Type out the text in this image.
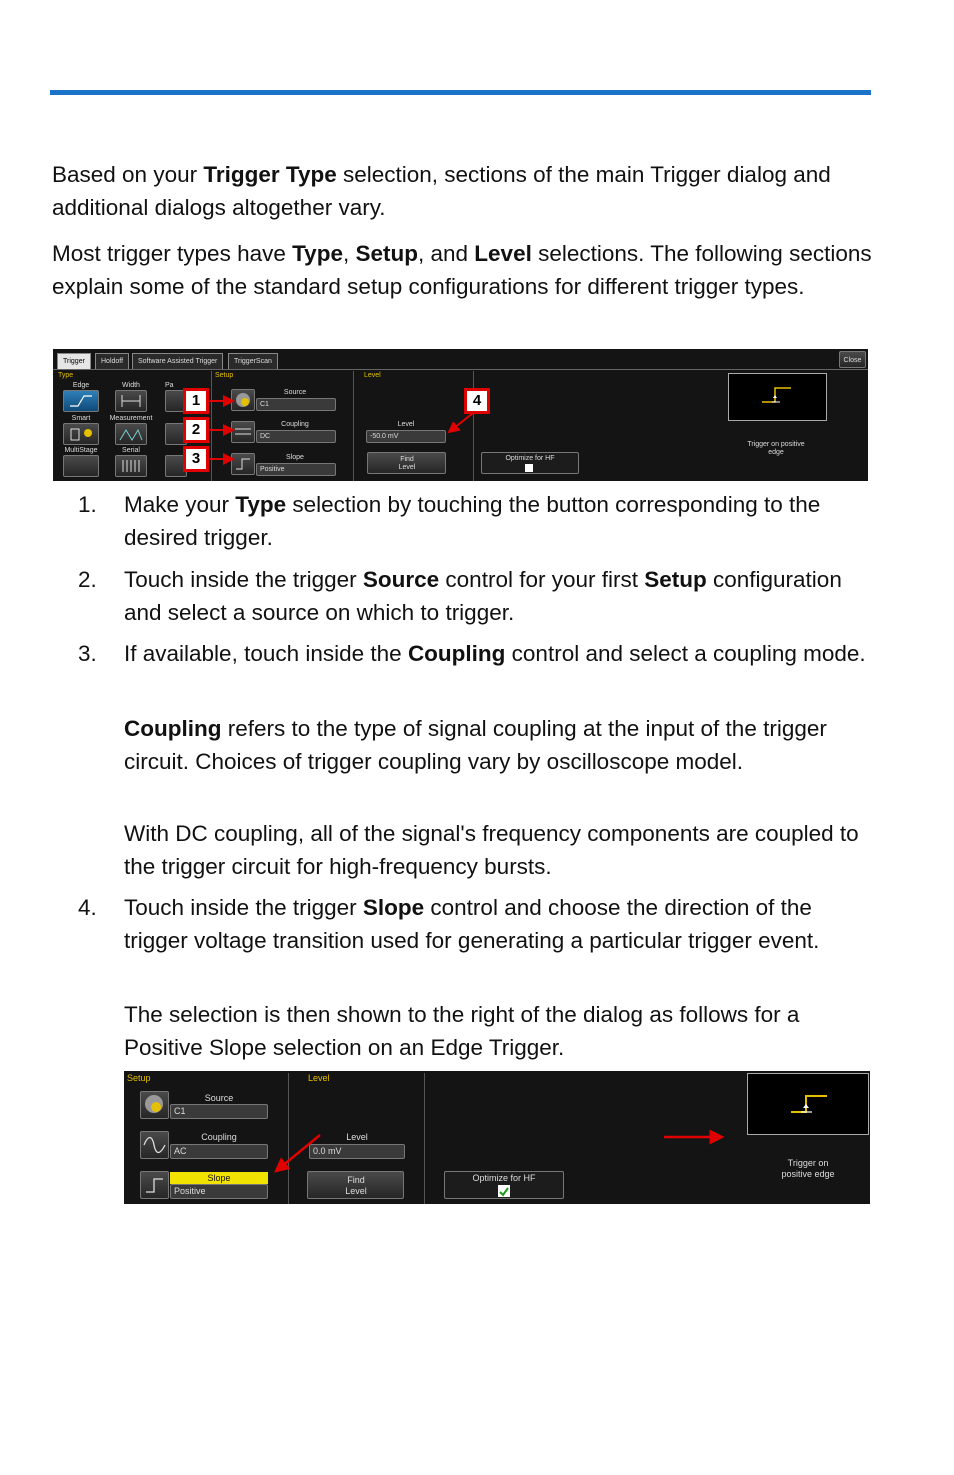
Based on your Trigger Type selection, sections of the main Trigger dialog and additional dialogs altogether vary.
Most trigger types have Type, Setup, and Level selections. The following sections explain some of the standard setup configurations for different trigger types.
Trigger	Holdoff	Software Assisted Trigger	TriggerScan	Close
Type
Edge	Width	Pa
Smart	Measurement
MultiStage	Serial
Setup
Source
C1
Coupling
DC
Slope
Positive
Level
Level
-50.0 mV
Find Level
Optimize for HF
Trigger on positive edge
1
2
3
4
1. Make your Type selection by touching the button corresponding to the desired trigger.
2. Touch inside the trigger Source control for your first Setup configuration and select a source on which to trigger.
3. If available, touch inside the Coupling control and select a coupling mode.
Coupling refers to the type of signal coupling at the input of the trigger circuit. Choices of trigger coupling vary by oscilloscope model.
With DC coupling, all of the signal's frequency components are coupled to the trigger circuit for high-frequency bursts.
4. Touch inside the trigger Slope control and choose the direction of the trigger voltage transition used for generating a particular trigger event.
The selection is then shown to the right of the dialog as follows for a Positive Slope selection on an Edge Trigger.
Setup
Source
C1
Coupling
AC
Slope
Positive
Level
Level
0.0 mV
Find Level
Optimize for HF
Trigger on positive edge
